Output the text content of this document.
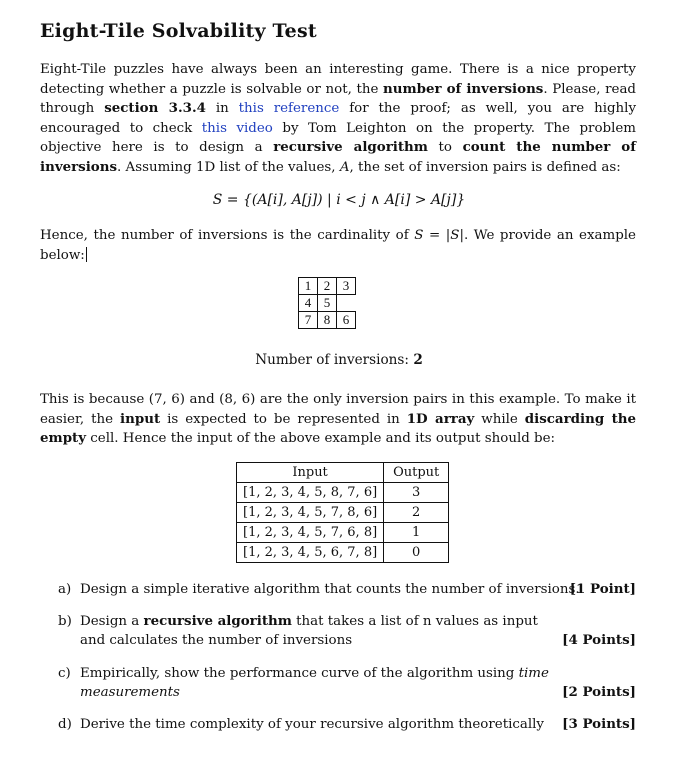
Eight-Tile Solvability Test

Eight-Tile puzzles have always been an interesting game. There is a nice property detecting whether a puzzle is solvable or not, the number of inversions. Please, read through section 3.3.4 in this reference for the proof; as well, you are highly encouraged to check this video by Tom Leighton on the property. The problem objective here is to design a recursive algorithm to count the number of inversions. Assuming 1D list of the values, A, the set of inversion pairs is defined as:

S = {(A[i], A[j]) | i < j ∧ A[i] > A[j]}

Hence, the number of inversions is the cardinality of S = |S|. We provide an example below:

1	2	3
4	5	
7	8	6
Number of inversions: 2

This is because (7, 6) and (8, 6) are the only inversion pairs in this example. To make it easier, the input is expected to be represented in 1D array while discarding the empty cell. Hence the input of the above example and its output should be:

Input	Output
[1, 2, 3, 4, 5, 8, 7, 6]	3
[1, 2, 3, 4, 5, 7, 8, 6]	2
[1, 2, 3, 4, 5, 7, 6, 8]	1
[1, 2, 3, 4, 5, 6, 7, 8]	0
a) Design a simple iterative algorithm that counts the number of inversions.
[1 Point]
b) Design a recursive algorithm that takes a list of n values as input and calculates the number of inversions	[4 Points]
c) Empirically, show the performance curve of the algorithm using time measurements	[2 Points]
d) Derive the time complexity of your recursive algorithm theoretically	[3 Points]
